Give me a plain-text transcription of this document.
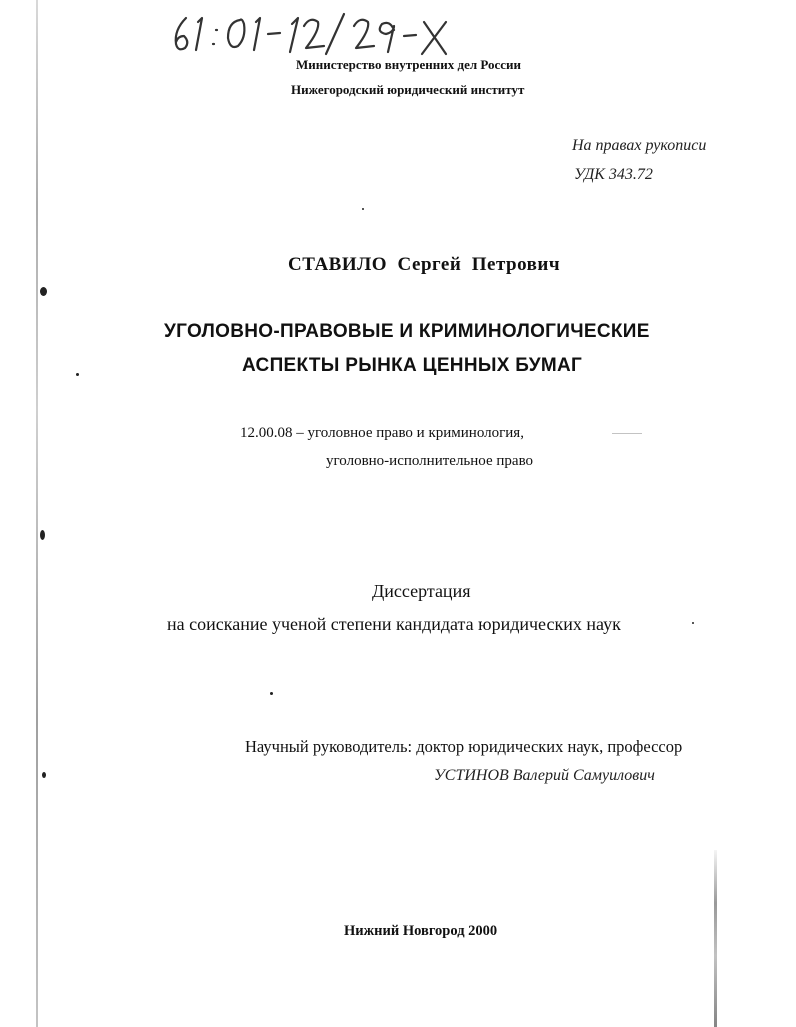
Министерство внутренних дел России
Нижегородский юридический институт
На правах рукописи
УДК 343.72
СТАВИЛО  Сергей  Петрович
УГОЛОВНО-ПРАВОВЫЕ И КРИМИНОЛОГИЧЕСКИЕ
АСПЕКТЫ РЫНКА ЦЕННЫХ БУМАГ
12.00.08 – уголовное право и криминология,
уголовно-исполнительное право
Диссертация
на соискание ученой степени кандидата юридических наук
Научный руководитель: доктор юридических наук, профессор
УСТИНОВ Валерий Самуилович
Нижний Новгород 2000
